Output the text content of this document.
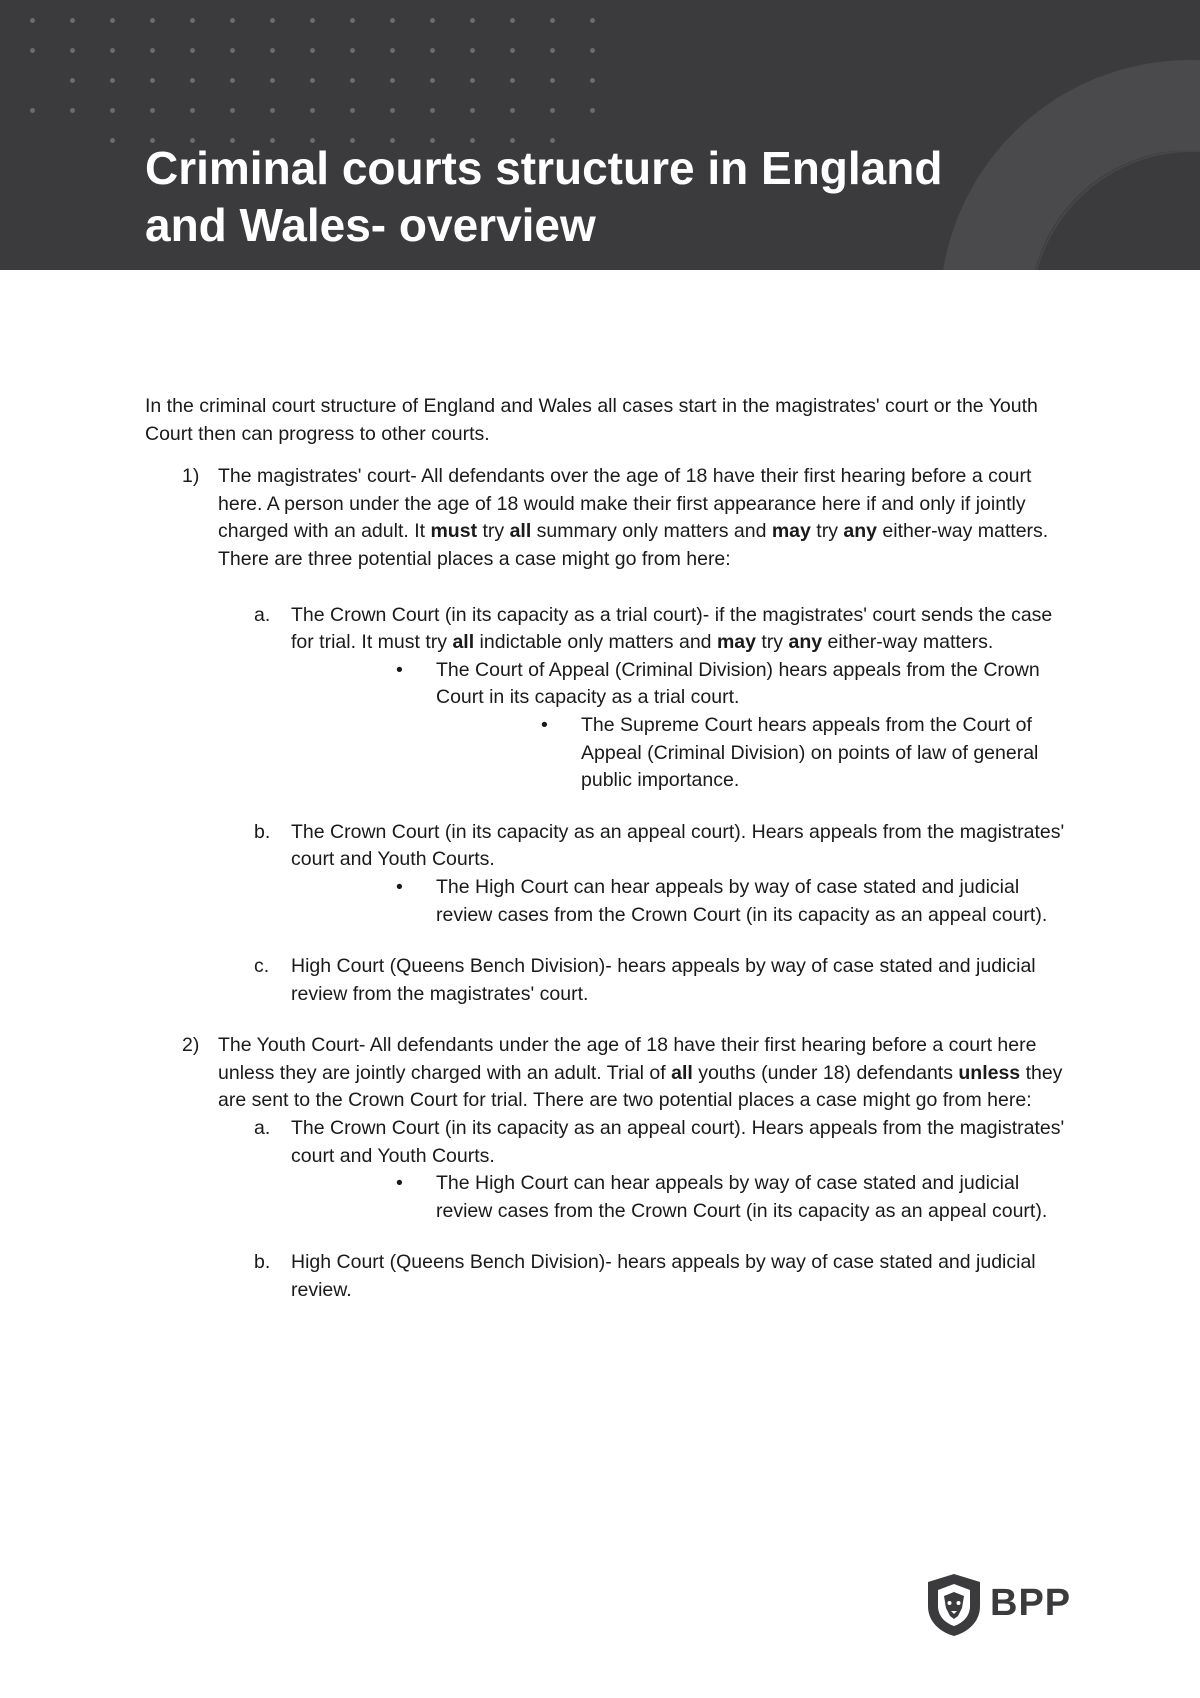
Criminal courts structure in England
and Wales- overview

In the criminal court structure of England and Wales all cases start in the magistrates' court or the Youth Court then can progress to other courts.

1) The magistrates' court- All defendants over the age of 18 have their first hearing before a court here. A person under the age of 18 would make their first appearance here if and only if jointly charged with an adult. It must try all summary only matters and may try any either-way matters. There are three potential places a case might go from here:

a. The Crown Court (in its capacity as a trial court)- if the magistrates' court sends the case for trial. It must try all indictable only matters and may try any either-way matters.

• The Court of Appeal (Criminal Division) hears appeals from the Crown Court in its capacity as a trial court.

• The Supreme Court hears appeals from the Court of Appeal (Criminal Division) on points of law of general public importance.

b. The Crown Court (in its capacity as an appeal court). Hears appeals from the magistrates' court and Youth Courts.

• The High Court can hear appeals by way of case stated and judicial review cases from the Crown Court (in its capacity as an appeal court).

c. High Court (Queens Bench Division)- hears appeals by way of case stated and judicial review from the magistrates' court.

2) The Youth Court- All defendants under the age of 18 have their first hearing before a court here unless they are jointly charged with an adult. Trial of all youths (under 18) defendants unless they are sent to the Crown Court for trial. There are two potential places a case might go from here:

a. The Crown Court (in its capacity as an appeal court). Hears appeals from the magistrates' court and Youth Courts.

• The High Court can hear appeals by way of case stated and judicial review cases from the Crown Court (in its capacity as an appeal court).

b. High Court (Queens Bench Division)- hears appeals by way of case stated and judicial review.

BPP
